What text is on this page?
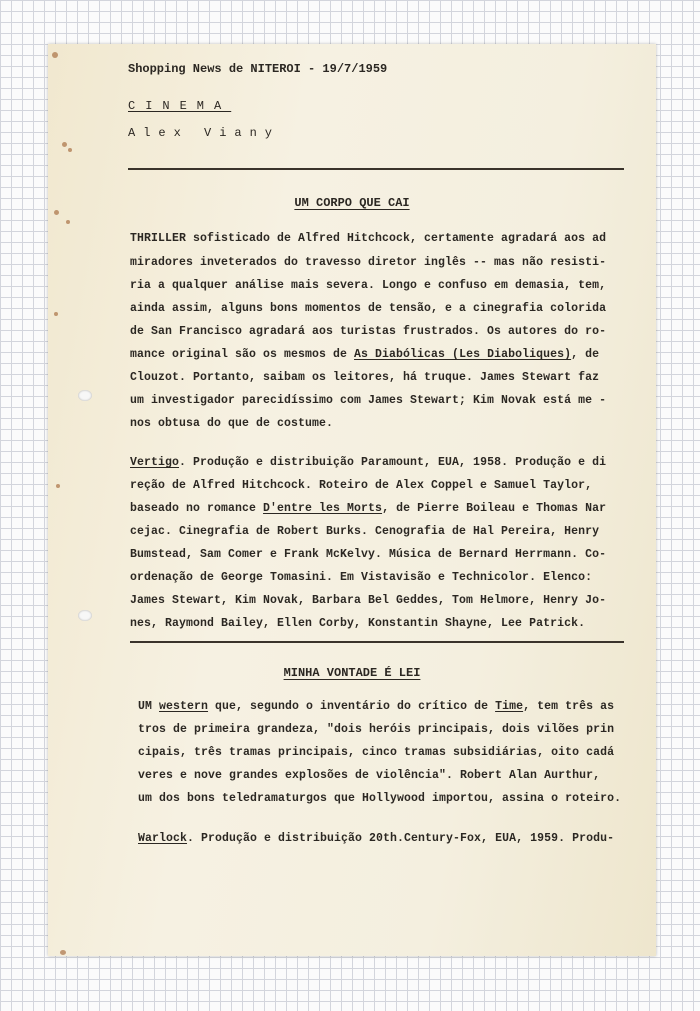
Shopping News de NITEROI - 19/7/1959
CINEMA
Alex Viany
UM CORPO QUE CAI
THRILLER sofisticado de Alfred Hitchcock, certamente agradará aos ad
miradores inveterados do travesso diretor inglês -- mas não resisti-
ria a qualquer análise mais severa. Longo e confuso em demasia, tem,
ainda assim, alguns bons momentos de tensão, e a cinegrafia colorida
de San Francisco agradará aos turistas frustrados. Os autores do ro-
mance original são os mesmos de As Diabólicas (Les Diaboliques), de
Clouzot. Portanto, saibam os leitores, há truque. James Stewart faz
um investigador parecidíssimo com James Stewart; Kim Novak está me -
nos obtusa do que de costume.
Vertigo. Produção e distribuição Paramount, EUA, 1958. Produção e di
reção de Alfred Hitchcock. Roteiro de Alex Coppel e Samuel Taylor,
baseado no romance D'entre les Morts, de Pierre Boileau e Thomas Nar
cejac. Cinegrafia de Robert Burks. Cenografia de Hal Pereira, Henry
Bumstead, Sam Comer e Frank McKelvy. Música de Bernard Herrmann. Co-
ordenação de George Tomasini. Em Vistavisão e Technicolor. Elenco:
James Stewart, Kim Novak, Barbara Bel Geddes, Tom Helmore, Henry Jo-
nes, Raymond Bailey, Ellen Corby, Konstantin Shayne, Lee Patrick.
MINHA VONTADE É LEI
UM western que, segundo o inventário do crítico de Time, tem três as
tros de primeira grandeza, "dois heróis principais, dois vilões prin
cipais, três tramas principais, cinco tramas subsidiárias, oito cadá
veres e nove grandes explosões de violência". Robert Alan Aurthur,
um dos bons teledramaturgos que Hollywood importou, assina o roteiro.
Warlock. Produção e distribuição 20th.Century-Fox, EUA, 1959. Produ-
